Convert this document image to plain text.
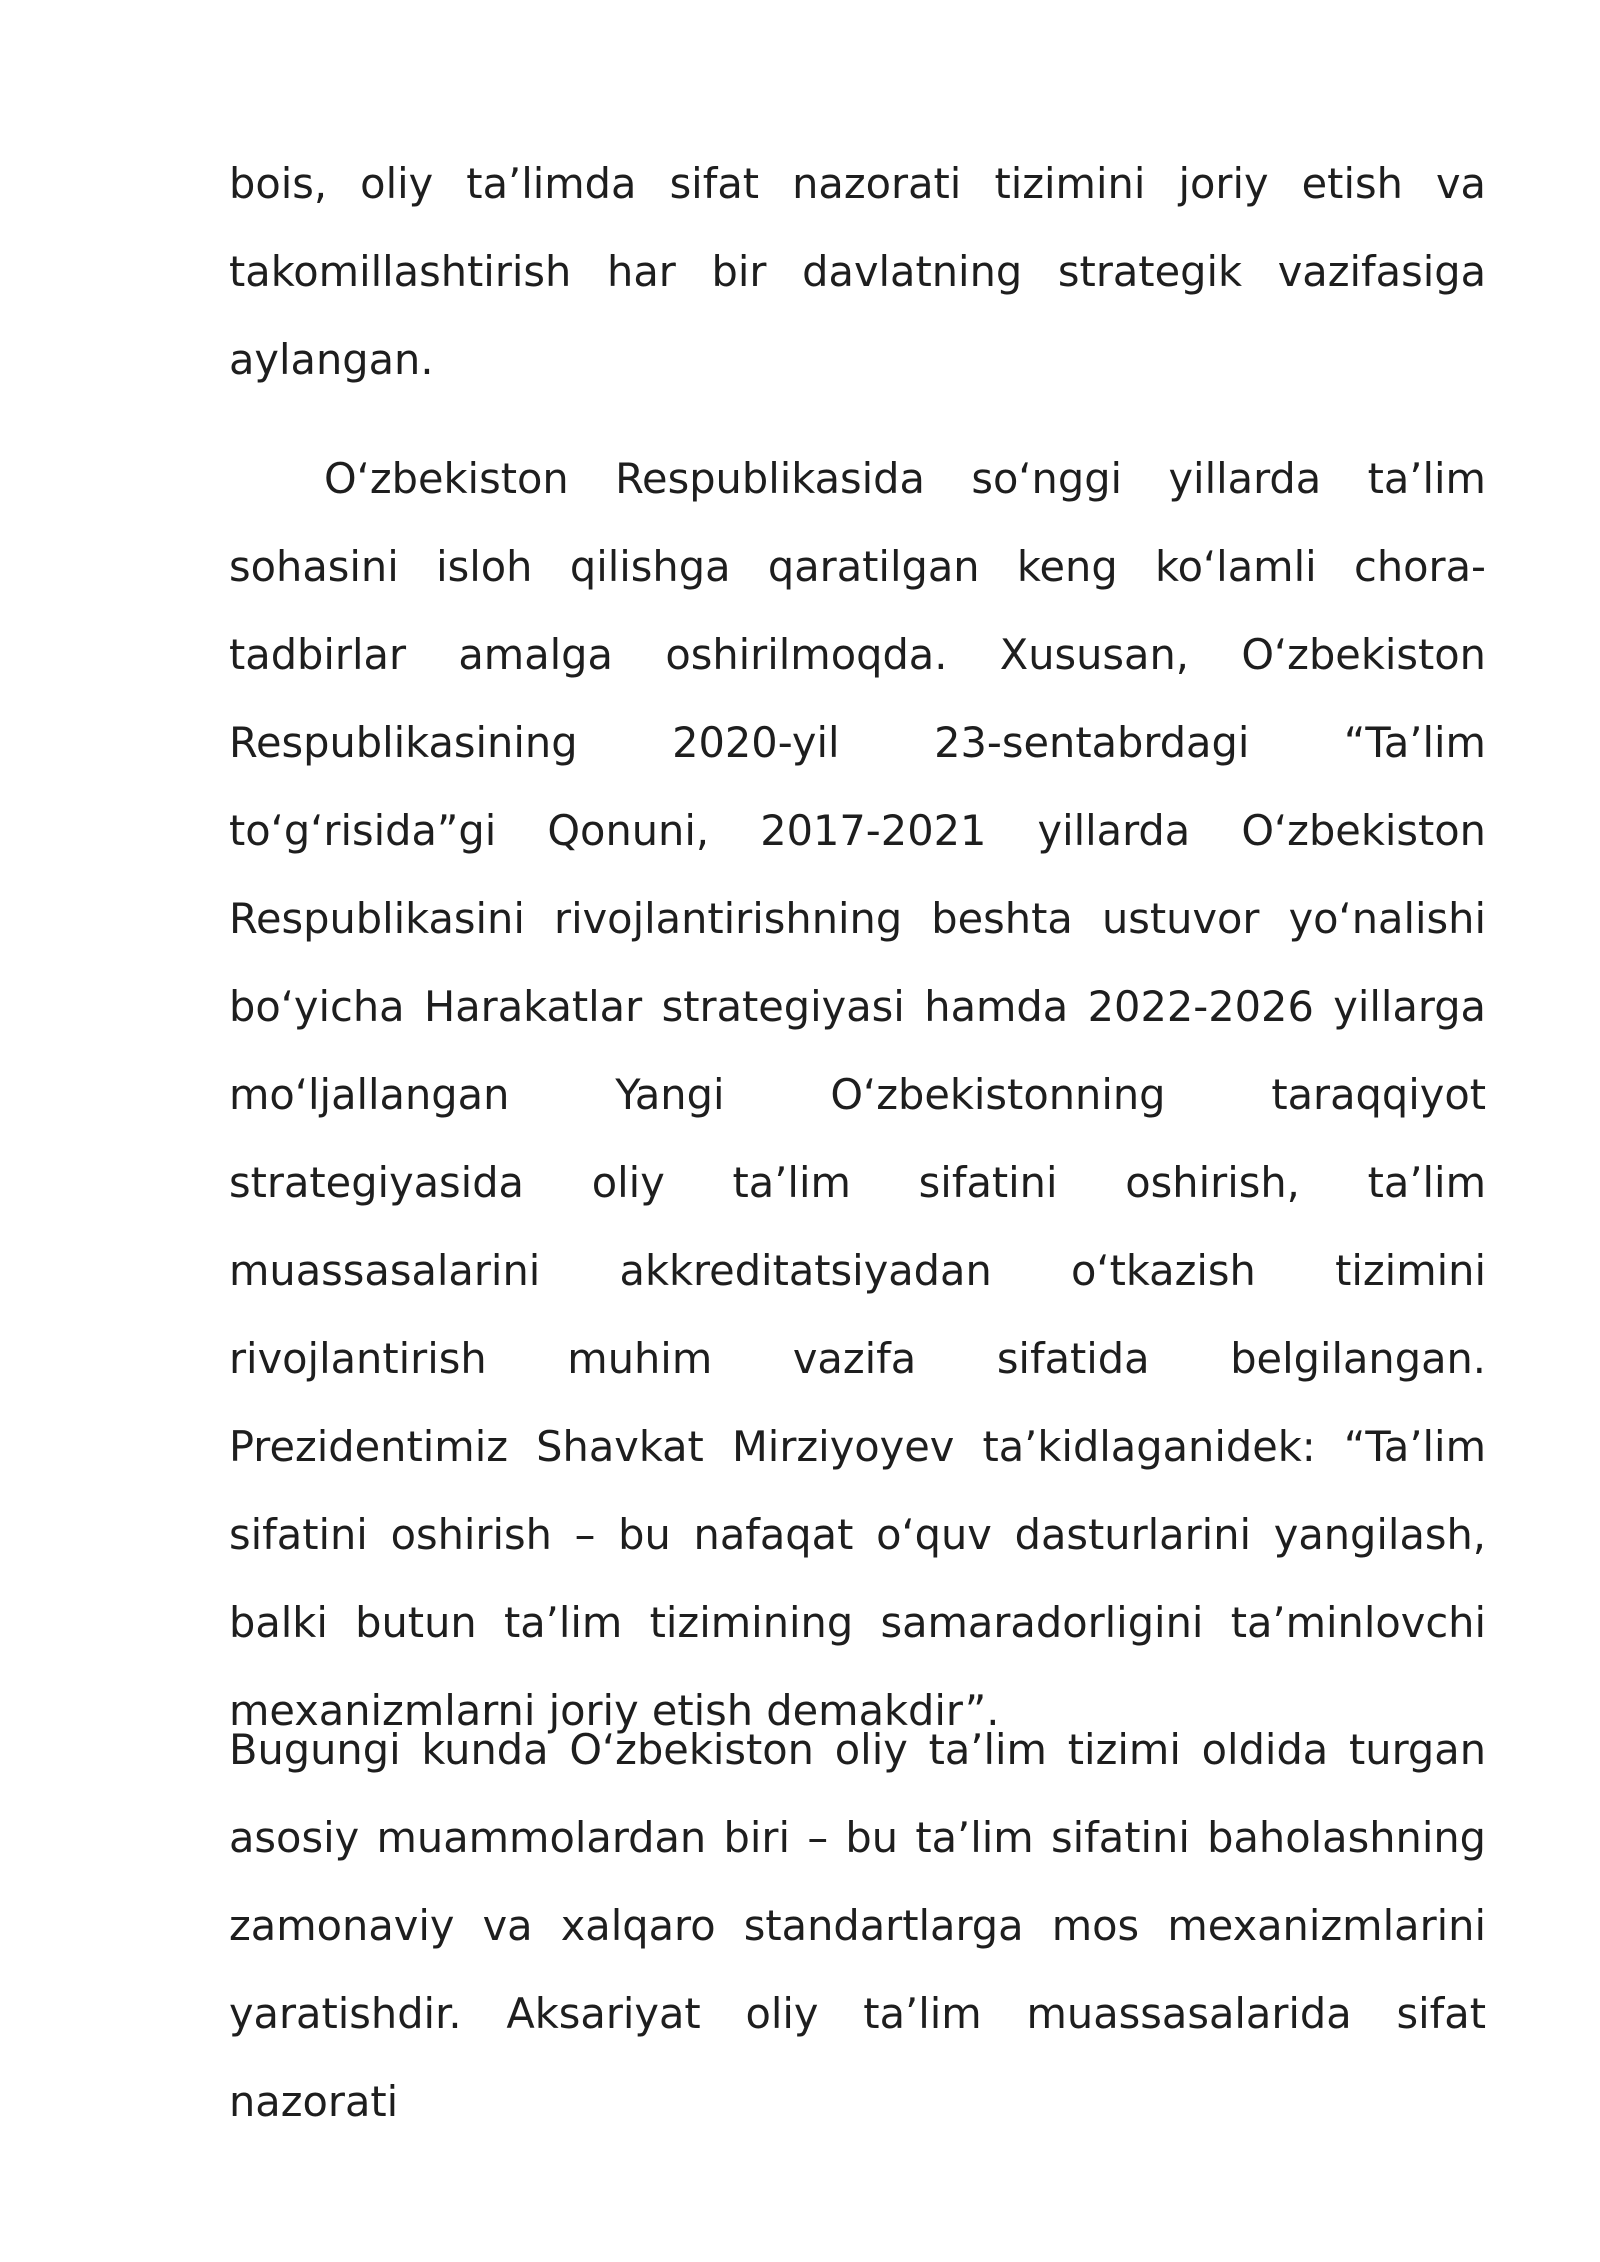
bois, oliy ta’limda sifat nazorati tizimini joriy etish va takomillashtirish har bir davlatning strategik vazifasiga aylangan.

O‘zbekiston Respublikasida so‘nggi yillarda ta’lim sohasini isloh qilishga qaratilgan keng ko‘lamli chora-tadbirlar amalga oshirilmoqda. Xususan, O‘zbekiston Respublikasining 2020-yil 23-sentabrdagi “Ta’lim to‘g‘risida”gi Qonuni, 2017-2021 yillarda O‘zbekiston Respublikasini rivojlantirishning beshta ustuvor yo‘nalishi bo‘yicha Harakatlar strategiyasi hamda 2022-2026 yillarga mo‘ljallangan Yangi O‘zbekistonning taraqqiyot strategiyasida oliy ta’lim sifatini oshirish, ta’lim muassasalarini akkreditatsiyadan o‘tkazish tizimini rivojlantirish muhim vazifa sifatida belgilangan. Prezidentimiz Shavkat Mirziyoyev ta’kidlaganidek: “Ta’lim sifatini oshirish – bu nafaqat o‘quv dasturlarini yangilash, balki butun ta’lim tizimining samaradorligini ta’minlovchi mexanizmlarni joriy etish demakdir”.

Bugungi kunda O‘zbekiston oliy ta’lim tizimi oldida turgan asosiy muammolardan biri – bu ta’lim sifatini baholashning zamonaviy va xalqaro standartlarga mos mexanizmlarini yaratishdir. Aksariyat oliy ta’lim muassasalarida sifat nazorati
